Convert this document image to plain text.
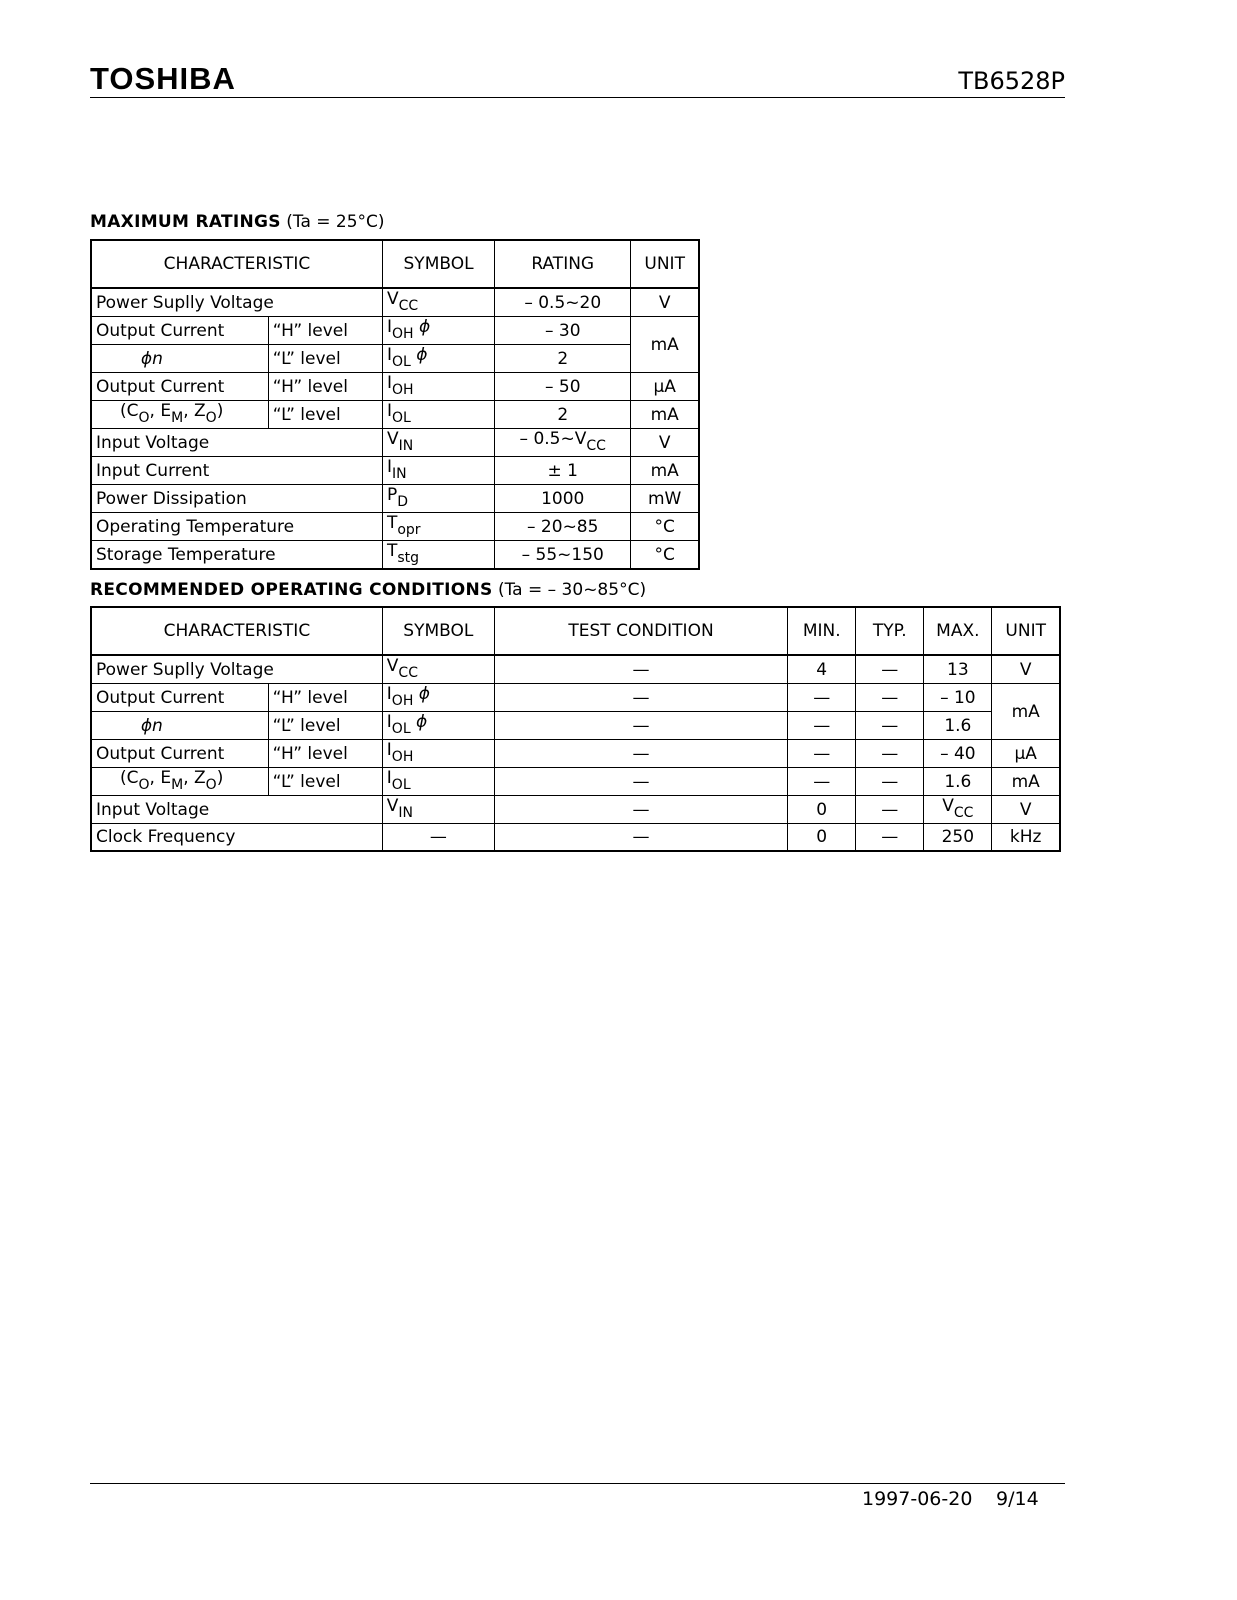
TOSHIBA	TB6528P
MAXIMUM RATINGS (Ta = 25°C)
CHARACTERISTIC		SYMBOL	RATING	UNIT
Power Suplly Voltage		$V_{CC}$	– 0.5~20	V
Output Current	“H” level	$I_{OH}$ ϕ	– 30	mA
ϕn	“L” level	$I_{OL}$ ϕ	2	
Output Current	“H” level	$I_{OH}$	– 50	μA
($C_O$, $E_M$, $Z_O$)	“L” level	$I_{OL}$	2	mA
Input Voltage		$V_{IN}$	– $0.5\sim V_{CC}$	V
Input Current		$I_{IN}$	± 1	mA
Power Dissipation		$P_D$	1000	mW
Operating Temperature		$T_{opr}$	– 20~85	°C
Storage Temperature		$T_{stg}$	– 55~150	°C
RECOMMENDED OPERATING CONDITIONS (Ta = – 30~85°C)
CHARACTERISTIC		SYMBOL	TEST CONDITION	MIN.	TYP.	MAX.	UNIT
Power Suplly Voltage		$V_{CC}$	—	4	—	13	V
Output Current	“H” level	$I_{OH}$ ϕ	—	—	—	– 10	mA
ϕn	“L” level	$I_{OL}$ ϕ	—	—	—	1.6	
Output Current	“H” level	$I_{OH}$	—	—	—	– 40	μA
($C_O$, $E_M$, $Z_O$)	“L” level	$I_{OL}$	—	—	—	1.6	mA
Input Voltage		$V_{IN}$	—	0	—	$V_{CC}$	V
Clock Frequency		—	—	0	—	250	kHz
1997-06-20 9/14
